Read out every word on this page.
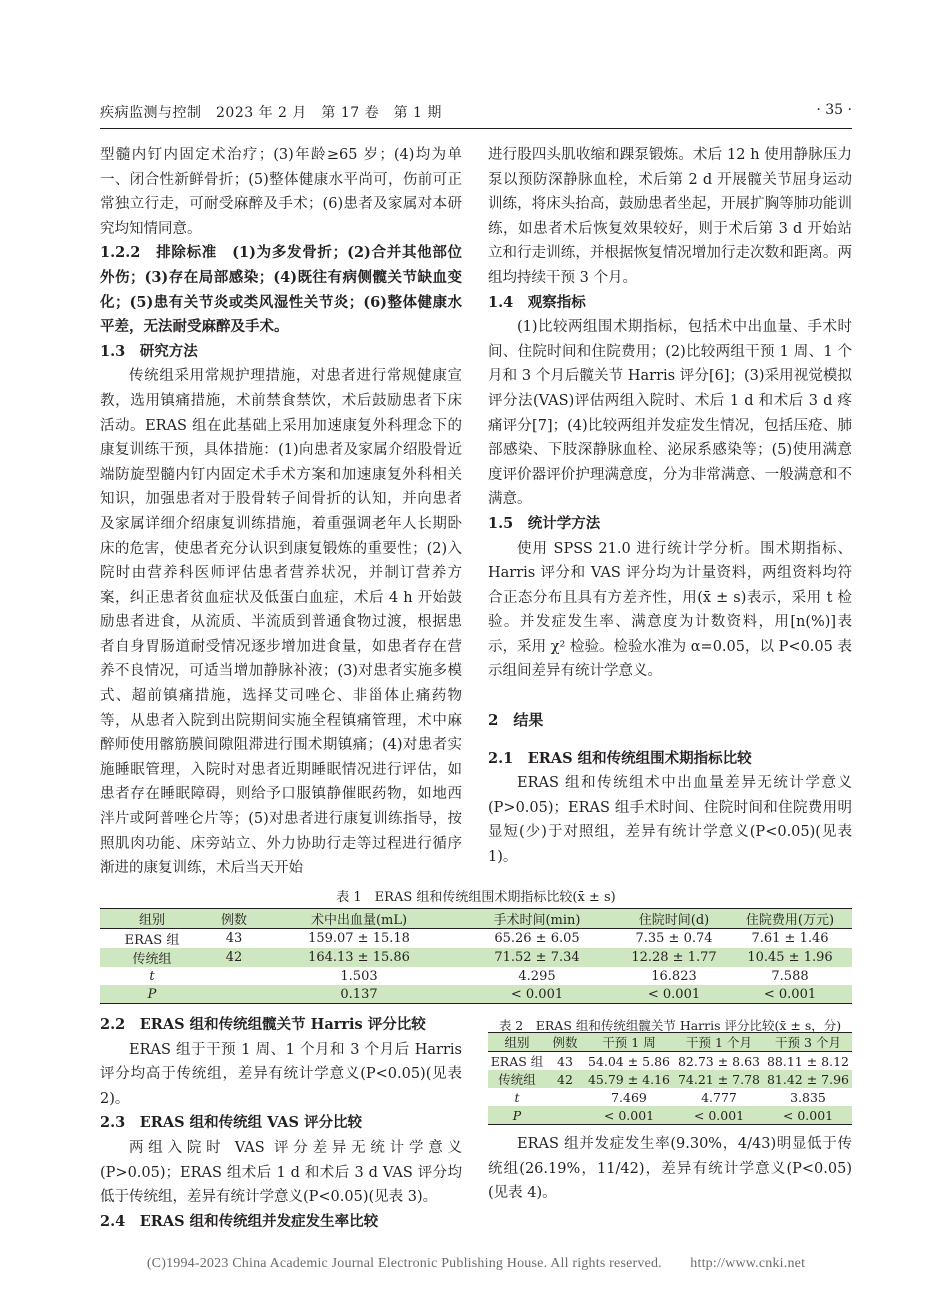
疾病监测与控制　2023 年 2 月　第 17 卷　第 1 期	· 35 ·

型髓内钉内固定术治疗；(3)年龄≥65 岁；(4)均为单一、闭合性新鲜骨折；(5)整体健康水平尚可，伤前可正常独立行走，可耐受麻醉及手术；(6)患者及家属对本研究均知情同意。

1.2.2　排除标准　(1)为多发骨折；(2)合并其他部位外伤；(3)存在局部感染；(4)既往有病侧髋关节缺血变化；(5)患有关节炎或类风湿性关节炎；(6)整体健康水平差，无法耐受麻醉及手术。

1.3　研究方法

传统组采用常规护理措施，对患者进行常规健康宣教，选用镇痛措施，术前禁食禁饮，术后鼓励患者下床活动。ERAS 组在此基础上采用加速康复外科理念下的康复训练干预，具体措施：(1)向患者及家属介绍股骨近端防旋型髓内钉内固定术手术方案和加速康复外科相关知识，加强患者对于股骨转子间骨折的认知，并向患者及家属详细介绍康复训练措施，着重强调老年人长期卧床的危害，使患者充分认识到康复锻炼的重要性；(2)入院时由营养科医师评估患者营养状况，并制订营养方案，纠正患者贫血症状及低蛋白血症，术后 4 h 开始鼓励患者进食，从流质、半流质到普通食物过渡，根据患者自身胃肠道耐受情况逐步增加进食量，如患者存在营养不良情况，可适当增加静脉补液；(3)对患者实施多模式、超前镇痛措施，选择艾司唑仑、非甾体止痛药物等，从患者入院到出院期间实施全程镇痛管理，术中麻醉师使用髂筋膜间隙阻滞进行围术期镇痛；(4)对患者实施睡眠管理，入院时对患者近期睡眠情况进行评估，如患者存在睡眠障碍，则给予口服镇静催眠药物，如地西泮片或阿普唑仑片等；(5)对患者进行康复训练指导，按照肌肉功能、床旁站立、外力协助行走等过程进行循序渐进的康复训练，术后当天开始

进行股四头肌收缩和踝泵锻炼。术后 12 h 使用静脉压力泵以预防深静脉血栓，术后第 2 d 开展髋关节屈身运动训练，将床头抬高，鼓励患者坐起，开展扩胸等肺功能训练，如患者术后恢复效果较好，则于术后第 3 d 开始站立和行走训练，并根据恢复情况增加行走次数和距离。两组均持续干预 3 个月。

1.4　观察指标

(1)比较两组围术期指标，包括术中出血量、手术时间、住院时间和住院费用；(2)比较两组干预 1 周、1 个月和 3 个月后髋关节 Harris 评分[6]；(3)采用视觉模拟评分法(VAS)评估两组入院时、术后 1 d 和术后 3 d 疼痛评分[7]；(4)比较两组并发症发生情况，包括压疮、肺部感染、下肢深静脉血栓、泌尿系感染等；(5)使用满意度评价器评价护理满意度，分为非常满意、一般满意和不满意。

1.5　统计学方法

使用 SPSS 21.0 进行统计学分析。围术期指标、Harris 评分和 VAS 评分均为计量资料，两组资料均符合正态分布且具有方差齐性，用(x̄ ± s)表示，采用 t 检验。并发症发生率、满意度为计数资料，用[n(%)]表示，采用 χ² 检验。检验水准为 α=0.05，以 P<0.05 表示组间差异有统计学意义。

2　结果

2.1　ERAS 组和传统组围术期指标比较

ERAS 组和传统组术中出血量差异无统计学意义(P>0.05)；ERAS 组手术时间、住院时间和住院费用明显短(少)于对照组，差异有统计学意义(P<0.05)(见表 1)。

表 1　ERAS 组和传统组围术期指标比较(x̄ ± s)
组别	例数	术中出血量(mL)	手术时间(min)	住院时间(d)	住院费用(万元)
ERAS 组	43	159.07 ± 15.18	65.26 ± 6.05	7.35 ± 0.74	7.61 ± 1.46
传统组	42	164.13 ± 15.86	71.52 ± 7.34	12.28 ± 1.77	10.45 ± 1.96
t		1.503	4.295	16.823	7.588
P		0.137	< 0.001	< 0.001	< 0.001

2.2　ERAS 组和传统组髋关节 Harris 评分比较

ERAS 组于干预 1 周、1 个月和 3 个月后 Harris 评分均高于传统组，差异有统计学意义(P<0.05)(见表 2)。

2.3　ERAS 组和传统组 VAS 评分比较

两组入院时 VAS 评分差异无统计学意义(P>0.05)；ERAS 组术后 1 d 和术后 3 d VAS 评分均低于传统组，差异有统计学意义(P<0.05)(见表 3)。

2.4　ERAS 组和传统组并发症发生率比较

表 2　ERAS 组和传统组髋关节 Harris 评分比较(x̄ ± s，分)
组别	例数	干预 1 周	干预 1 个月	干预 3 个月
ERAS 组	43	54.04 ± 5.86	82.73 ± 8.63	88.11 ± 8.12
传统组	42	45.79 ± 4.16	74.21 ± 7.78	81.42 ± 7.96
t		7.469	4.777	3.835
P		< 0.001	< 0.001	< 0.001

ERAS 组并发症发生率(9.30%，4/43)明显低于传统组(26.19%，11/42)，差异有统计学意义(P<0.05)(见表 4)。

(C)1994-2023 China Academic Journal Electronic Publishing House. All rights reserved.　　http://www.cnki.net
